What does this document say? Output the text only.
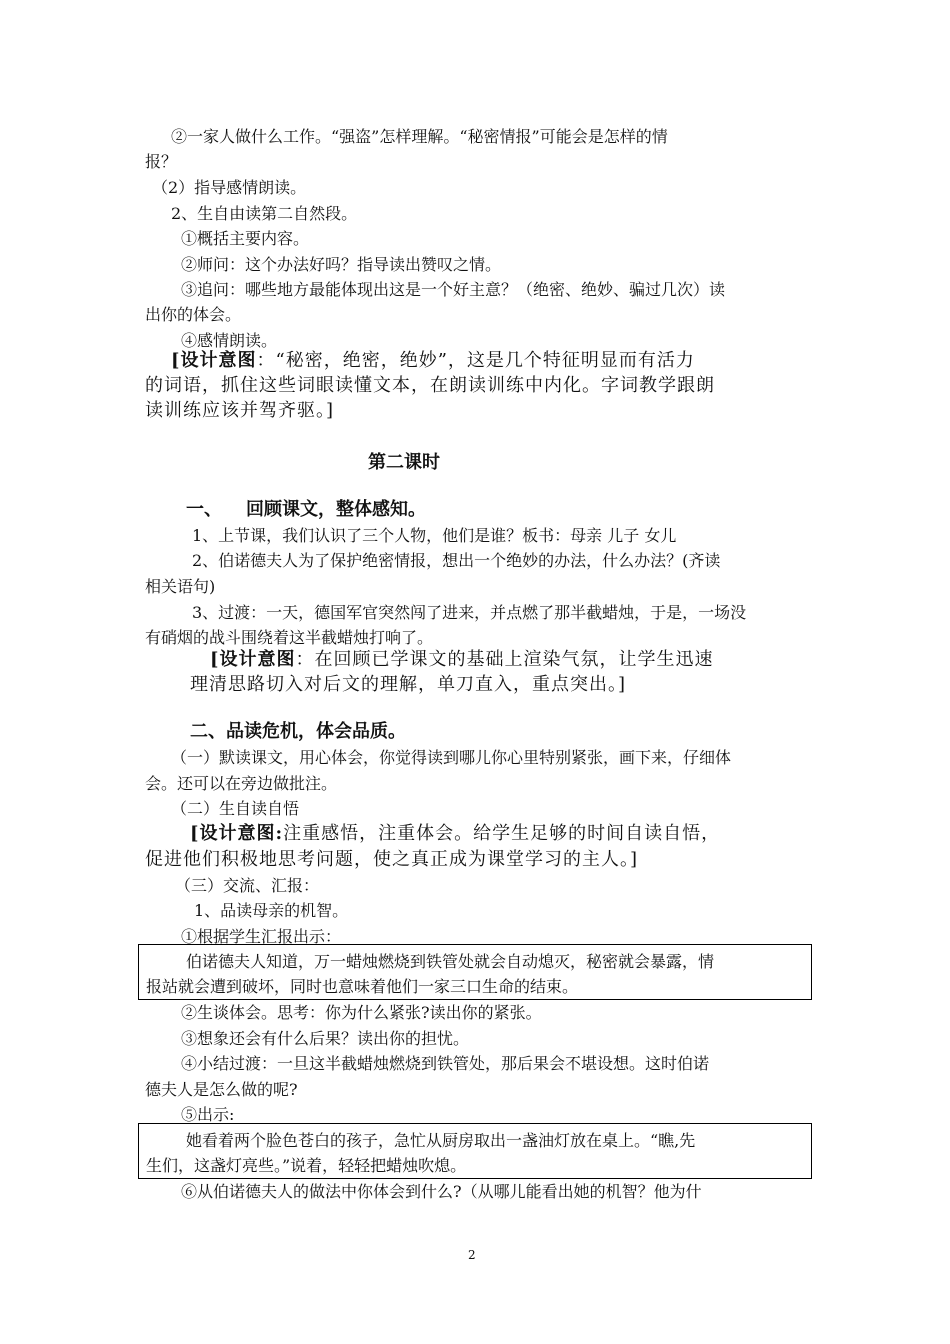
②一家人做什么工作。“强盗”怎样理解。“秘密情报”可能会是怎样的情
报？
（2）指导感情朗读。
2、生自由读第二自然段。
①概括主要内容。
②师问：这个办法好吗？指导读出赞叹之情。
③追问：哪些地方最能体现出这是一个好主意？（绝密、绝妙、骗过几次）读
出你的体会。
④感情朗读。
[设计意图：“秘密，绝密，绝妙”，这是几个特征明显而有活力
的词语，抓住这些词眼读懂文本，在朗读训练中内化。字词教学跟朗
读训练应该并驾齐驱。]
第二课时
一、 回顾课文，整体感知。
1、上节课，我们认识了三个人物，他们是谁？板书：母亲 儿子 女儿
2、伯诺德夫人为了保护绝密情报，想出一个绝妙的办法，什么办法？(齐读
相关语句)
3、过渡：一天，德国军官突然闯了进来，并点燃了那半截蜡烛，于是，一场没
有硝烟的战斗围绕着这半截蜡烛打响了。
[设计意图：在回顾已学课文的基础上渲染气氛，让学生迅速
理清思路切入对后文的理解，单刀直入，重点突出。]
二、品读危机，体会品质。
（一）默读课文，用心体会，你觉得读到哪儿你心里特别紧张，画下来，仔细体
会。还可以在旁边做批注。
（二）生自读自悟
[设计意图:注重感悟，注重体会。给学生足够的时间自读自悟，
促进他们积极地思考问题，使之真正成为课堂学习的主人。]
（三）交流、汇报：
1、品读母亲的机智。
①根据学生汇报出示：
伯诺德夫人知道，万一蜡烛燃烧到铁管处就会自动熄灭，秘密就会暴露，情
报站就会遭到破坏，同时也意味着他们一家三口生命的结束。
②生谈体会。思考：你为什么紧张?读出你的紧张。
③想象还会有什么后果？读出你的担忧。
④小结过渡：一旦这半截蜡烛燃烧到铁管处，那后果会不堪设想。这时伯诺
德夫人是怎么做的呢?
⑤出示:
她看着两个脸色苍白的孩子，急忙从厨房取出一盏油灯放在桌上。“瞧,先
生们，这盏灯亮些。”说着，轻轻把蜡烛吹熄。
⑥从伯诺德夫人的做法中你体会到什么?（从哪儿能看出她的机智？他为什
2
